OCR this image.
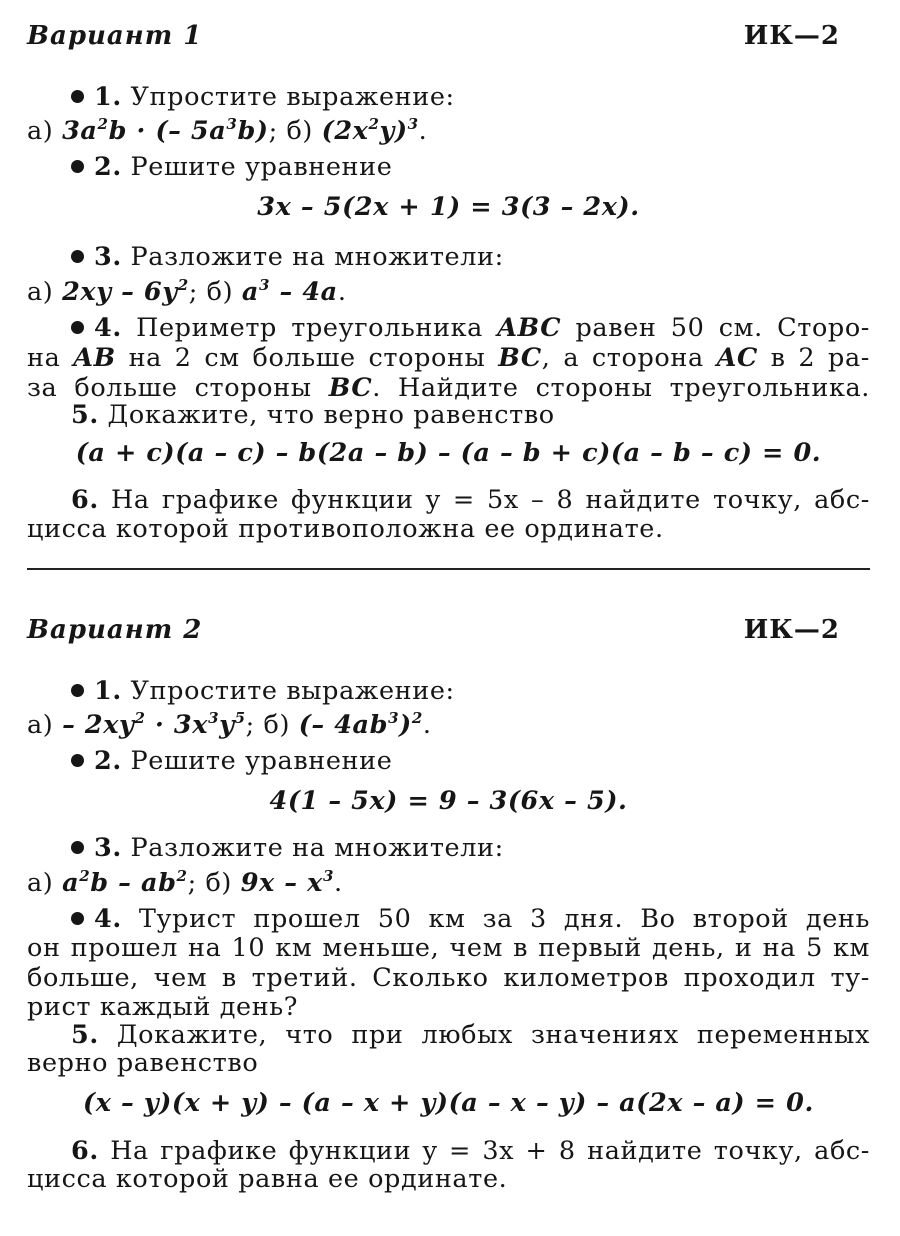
Вариант 1	ИК—2
1. Упростите выражение:
а) $3a^2b$ · (– $5a^3b$); б) $(2x^2y)^3$.
2. Решите уравнение
3x – 5(2x + 1) = 3(3 – 2x).
3. Разложите на множители:
а) $2xy - 6y^2$; б) $a^3 - 4a$.
4. Периметр треугольника ABC равен 50 см. Сторо-
на AB на 2 см больше стороны BC, а сторона AC в 2 ра-
за больше стороны BC. Найдите стороны треугольника.
5. Докажите, что верно равенство
(a + c)(a – c) – b(2a – b) – (a – b + c)(a – b – c) = 0.
6. На графике функции y = 5x – 8 найдите точку, абс-
цисса которой противоположна ее ординате.
Вариант 2	ИК—2
1. Упростите выражение:
$а) - 2xy^2 \cdot 3x^3y^5$; б) (– $4ab^3)^2$.
2. Решите уравнение
4(1 – 5x) = 9 – 3(6x – 5).
3. Разложите на множители:
а) $a^2b - ab^2$; б) $9x - x^3$.
4. Турист прошел 50 км за 3 дня. Во второй день
он прошел на 10 км меньше, чем в первый день, и на 5 км
больше, чем в третий. Сколько километров проходил ту-
рист каждый день?
5. Докажите, что при любых значениях переменных
верно равенство
(x – y)(x + y) – (a – x + y)(a – x – y) – a(2x – a) = 0.
6. На графике функции y = 3x + 8 найдите точку, абс-
цисса которой равна ее ординате.
